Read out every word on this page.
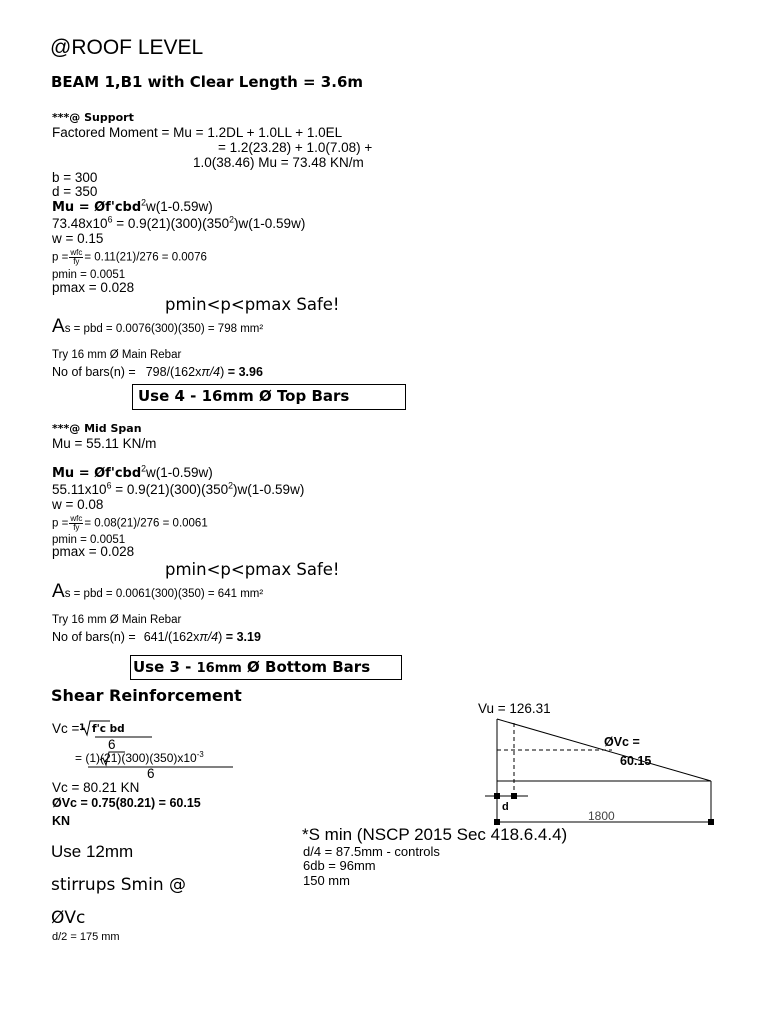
@ROOF LEVEL
BEAM 1,B1 with Clear Length = 3.6m
***@ Support
Factored Moment = Mu = 1.2DL + 1.0LL + 1.0EL
= 1.2(23.28) + 1.0(7.08) +
1.0(38.46) Mu = 73.48 KN/m
b = 300
d = 350
Mu = Øf'cbd$^2$w(1-0.59w)
$73.48x10^6 = 0.9(21)(300)(350^2)w(1-0.59w)$
w = 0.15
$p = \frac{\text{wfc}}{fy} = 0.11(21)/276 = 0.0076$
pmin = 0.0051
pmax = 0.028
pmin<p<pmax Safe!
As = pbd = 0.0076(300)(350) = 798 mm²
Try 16 mm Ø Main Rebar
No of bars(n) = 798/(162xπ/4) = 3.96
Use 4 - 16mm Ø Top Bars
***@ Mid Span
Mu = 55.11 KN/m
Mu = Øf'cbd$^2$w(1-0.59w)
$55.11x10^6 = 0.9(21)(300)(350^2)w(1-0.59w)$
w = 0.08
$p = \frac{\text{wfc}}{fy} = 0.08(21)/276 = 0.0061$
pmin = 0.0051
pmax = 0.028
pmin<p<pmax Safe!
As = pbd = 0.0061(300)(350) = 641 mm²
Try 16 mm Ø Main Rebar
No of bars(n) = 641/(162xπ/4) = 3.19
Use 3 - 16mm Ø Bottom Bars
Shear Reinforcement
Vc = 1 f'c bd
6
= $(1)(21)(300)(350)x10^{-3}$
6
Vc = 80.21 KN
ØVc = 0.75(80.21) = 60.15
KN
Use 12mm
stirrups Smin @
ØVc
d/2 = 175 mm
*S min (NSCP 2015 Sec 418.6.4.4)
d/4 = 87.5mm - controls
6db = 96mm
150 mm
Vu = 126.31
ØVc =
60.15
d
1800
